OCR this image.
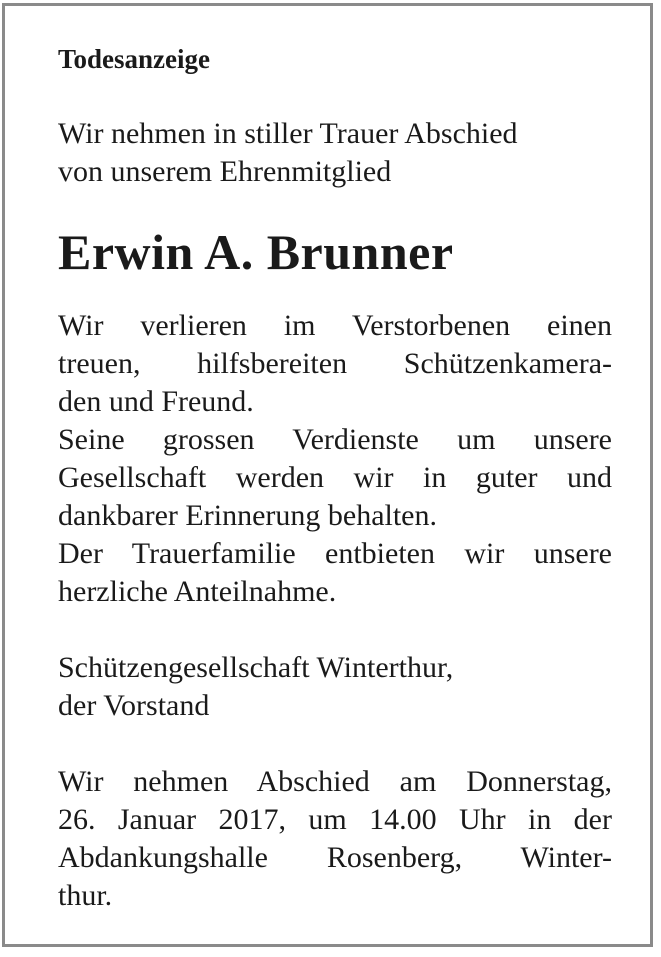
Todesanzeige

Wir nehmen in stiller Trauer Abschied

von unserem Ehrenmitglied

Erwin A. Brunner

Wir verlieren im Verstorbenen einen

treuen, hilfsbereiten Schützenkamera-

den und Freund.

Seine grossen Verdienste um unsere

Gesellschaft werden wir in guter und

dankbarer Erinnerung behalten.

Der Trauerfamilie entbieten wir unsere

herzliche Anteilnahme.

Schützengesellschaft Winterthur,

der Vorstand

Wir nehmen Abschied am Donnerstag,

26. Januar 2017, um 14.00 Uhr in der

Abdankungshalle Rosenberg, Winter-

thur.
